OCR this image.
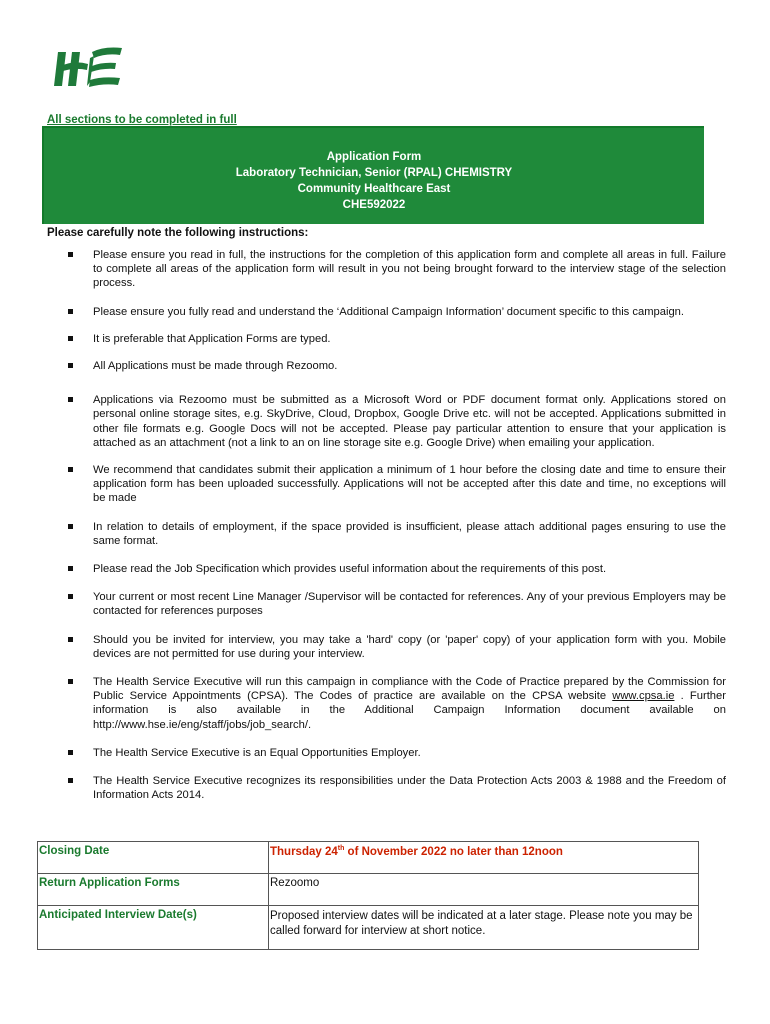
All sections to be completed in full
Application Form
Laboratory Technician, Senior (RPAL) CHEMISTRY
Community Healthcare East
CHE592022
Please carefully note the following instructions:
Please ensure you read in full, the instructions for the completion of this application form and complete all areas in full. Failure to complete all areas of the application form will result in you not being brought forward to the interview stage of the selection process.
Please ensure you fully read and understand the ‘Additional Campaign Information’ document specific to this campaign.
It is preferable that Application Forms are typed.
All Applications must be made through Rezoomo.
Applications via Rezoomo must be submitted as a Microsoft Word or PDF document format only. Applications stored on personal online storage sites, e.g. SkyDrive, Cloud, Dropbox, Google Drive etc. will not be accepted. Applications submitted in other file formats e.g. Google Docs will not be accepted. Please pay particular attention to ensure that your application is attached as an attachment (not a link to an on line storage site e.g. Google Drive) when emailing your application.
We recommend that candidates submit their application a minimum of 1 hour before the closing date and time to ensure their application form has been uploaded successfully. Applications will not be accepted after this date and time, no exceptions will be made
In relation to details of employment, if the space provided is insufficient, please attach additional pages ensuring to use the same format.
Please read the Job Specification which provides useful information about the requirements of this post.
Your current or most recent Line Manager /Supervisor will be contacted for references. Any of your previous Employers may be contacted for references purposes
Should you be invited for interview, you may take a 'hard' copy (or 'paper' copy) of your application form with you. Mobile devices are not permitted for use during your interview.
The Health Service Executive will run this campaign in compliance with the Code of Practice prepared by the Commission for Public Service Appointments (CPSA). The Codes of practice are available on the CPSA website www.cpsa.ie . Further information is also available in the Additional Campaign Information document available on http://www.hse.ie/eng/staff/jobs/job_search/.
The Health Service Executive is an Equal Opportunities Employer.
The Health Service Executive recognizes its responsibilities under the Data Protection Acts 2003 & 1988 and the Freedom of Information Acts 2014.
Closing Date	Thursday 24th of November 2022 no later than 12noon
Return Application Forms	Rezoomo
Anticipated Interview Date(s)	Proposed interview dates will be indicated at a later stage. Please note you may be called forward for interview at short notice.
